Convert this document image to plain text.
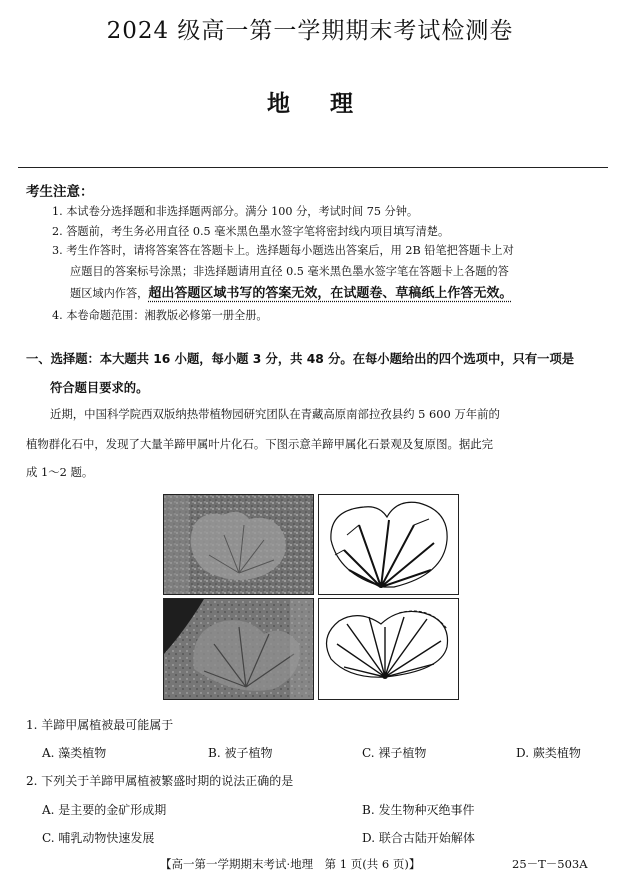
2024 级高一第一学期期末考试检测卷
地理
考生注意：
1. 本试卷分选择题和非选择题两部分。满分 100 分，考试时间 75 分钟。
2. 答题前，考生务必用直径 0.5 毫米黑色墨水签字笔将密封线内项目填写清楚。
3. 考生作答时，请将答案答在答题卡上。选择题每小题选出答案后，用 2B 铅笔把答题卡上对
应题目的答案标号涂黑；非选择题请用直径 0.5 毫米黑色墨水签字笔在答题卡上各题的答
题区域内作答，超出答题区域书写的答案无效，在试题卷、草稿纸上作答无效。
4. 本卷命题范围：湘教版必修第一册全册。
一、选择题：本大题共 16 小题，每小题 3 分，共 48 分。在每小题给出的四个选项中，只有一项是
符合题目要求的。
近期，中国科学院西双版纳热带植物园研究团队在青藏高原南部拉孜县约 5 600 万年前的
植物群化石中，发现了大量羊蹄甲属叶片化石。下图示意羊蹄甲属化石景观及复原图。据此完
成 1～2 题。
1. 羊蹄甲属植被最可能属于
A. 藻类植物	B. 被子植物	C. 裸子植物	D. 蕨类植物
2. 下列关于羊蹄甲属植被繁盛时期的说法正确的是
A. 是主要的金矿形成期	B. 发生物种灭绝事件
C. 哺乳动物快速发展	D. 联合古陆开始解体
【高一第一学期期末考试·地理　第 1 页(共 6 页)】	25－T－503A
